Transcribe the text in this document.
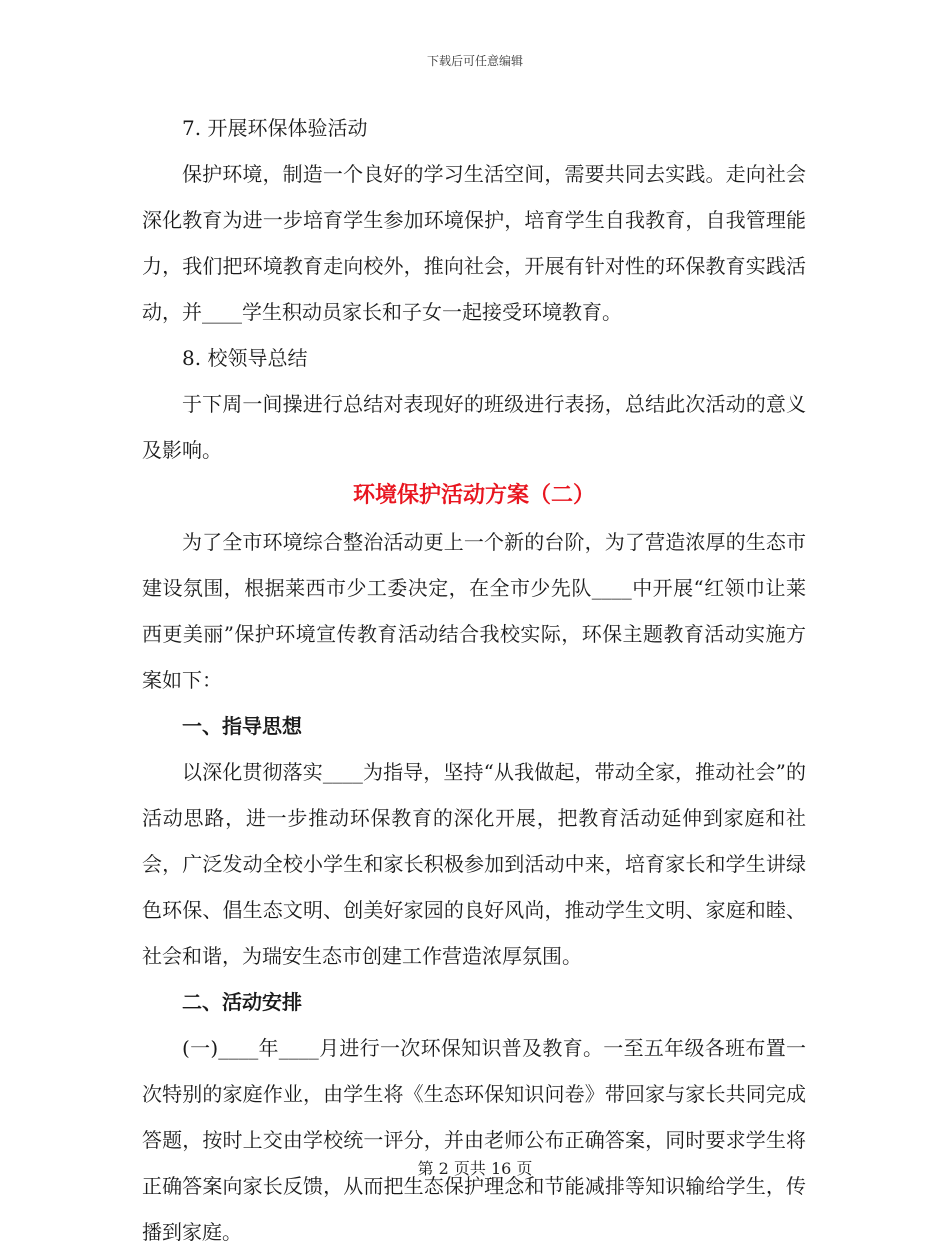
下载后可任意编辑

7. 开展环保体验活动

保护环境，制造一个良好的学习生活空间，需要共同去实践。走向社会深化教育为进一步培育学生参加环境保护，培育学生自我教育，自我管理能力，我们把环境教育走向校外，推向社会，开展有针对性的环保教育实践活动，并____学生积动员家长和子女一起接受环境教育。

8. 校领导总结

于下周一间操进行总结对表现好的班级进行表扬，总结此次活动的意义及影响。

环境保护活动方案（二）

为了全市环境综合整治活动更上一个新的台阶，为了营造浓厚的生态市建设氛围，根据莱西市少工委决定，在全市少先队____中开展“红领巾让莱西更美丽”保护环境宣传教育活动结合我校实际，环保主题教育活动实施方案如下：

一、指导思想

以深化贯彻落实____为指导，坚持“从我做起，带动全家，推动社会”的活动思路，进一步推动环保教育的深化开展，把教育活动延伸到家庭和社会，广泛发动全校小学生和家长积极参加到活动中来，培育家长和学生讲绿色环保、倡生态文明、创美好家园的良好风尚，推动学生文明、家庭和睦、社会和谐，为瑞安生态市创建工作营造浓厚氛围。

二、活动安排

(一)____年____月进行一次环保知识普及教育。一至五年级各班布置一次特别的家庭作业，由学生将《生态环保知识问卷》带回家与家长共同完成答题，按时上交由学校统一评分，并由老师公布正确答案，同时要求学生将正确答案向家长反馈，从而把生态保护理念和节能减排等知识输给学生，传播到家庭。

第 2 页共 16 页
